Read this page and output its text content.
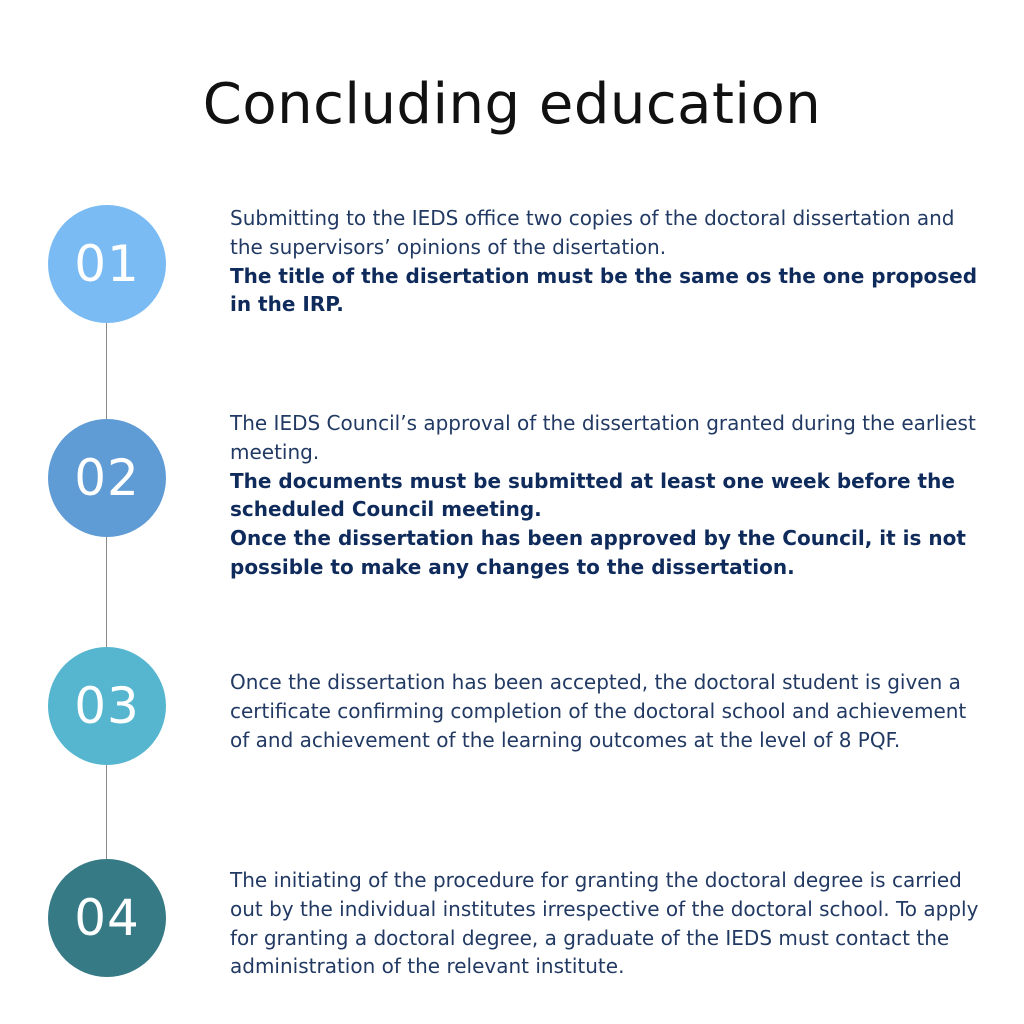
Concluding education
01

Submitting to the IEDS office two copies of the doctoral dissertation and the supervisors’ opinions of the disertation.

The title of the disertation must be the same os the one proposed in the IRP.

02

The IEDS Council’s approval of the dissertation granted during the earliest meeting.

The documents must be submitted at least one week before the scheduled Council meeting.

Once the dissertation has been approved by the Council, it is not possible to make any changes to the dissertation.

03	Once the dissertation has been accepted, the doctoral student is given a certificate confirming completion of the doctoral school and achievement of and achievement of the learning outcomes at the level of 8 PQF.

04

The initiating of the procedure for granting the doctoral degree is carried out by the individual institutes irrespective of the doctoral school. To apply for granting a doctoral degree, a graduate of the IEDS must contact the administration of the relevant institute.
